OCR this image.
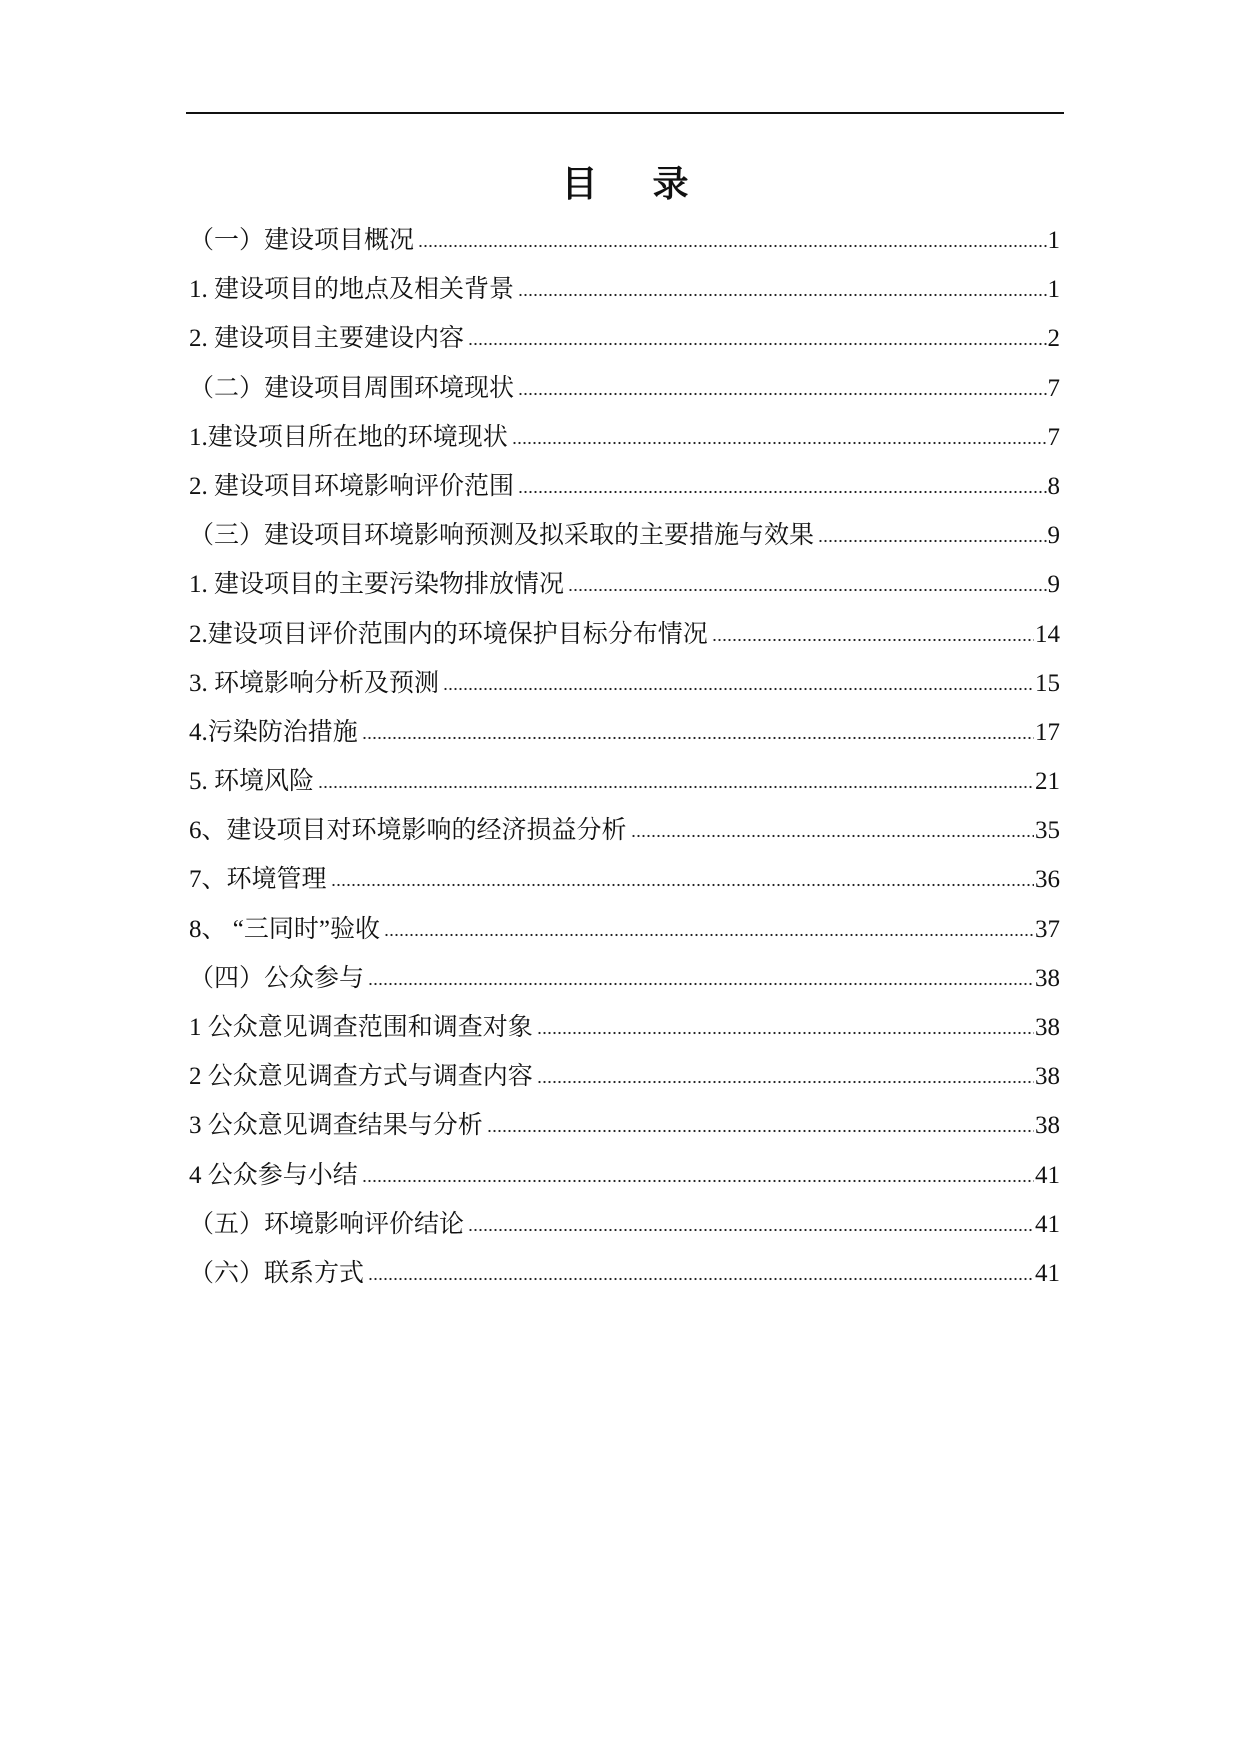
目 录
（一）建设项目概况	1
1. 建设项目的地点及相关背景	1
2. 建设项目主要建设内容	2
（二）建设项目周围环境现状	7
1.建设项目所在地的环境现状	7
2. 建设项目环境影响评价范围	8
（三）建设项目环境影响预测及拟采取的主要措施与效果	9
1. 建设项目的主要污染物排放情况	9
2.建设项目评价范围内的环境保护目标分布情况	14
3. 环境影响分析及预测	15
4.污染防治措施	17
5. 环境风险	21
6、建设项目对环境影响的经济损益分析	35
7、环境管理	36
8、 “三同时”验收	37
（四）公众参与	38
1 公众意见调查范围和调查对象	38
2 公众意见调查方式与调查内容	38
3 公众意见调查结果与分析	38
4 公众参与小结	41
（五）环境影响评价结论	41
（六）联系方式	41
